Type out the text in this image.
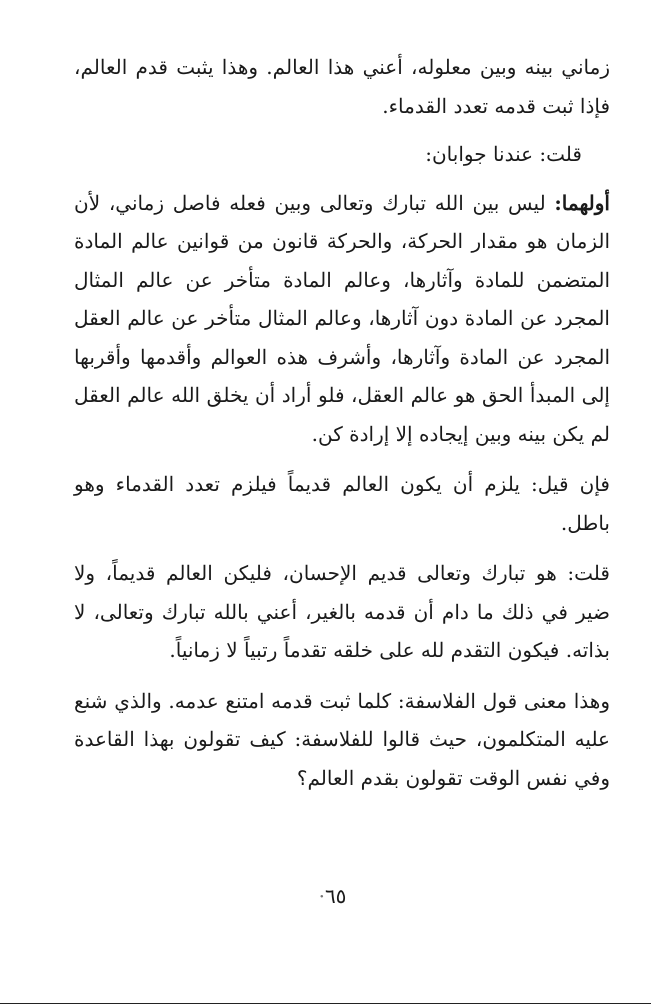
زماني بينه وبين معلوله، أعني هذا العالم. وهذا يثبت قدم العالم، فإذا ثبت قدمه تعدد القدماء.

قلت: عندنا جوابان:

أولهما: ليس بين الله تبارك وتعالى وبين فعله فاصل زماني، لأن الزمان هو مقدار الحركة، والحركة قانون من قوانين عالم المادة المتضمن للمادة وآثارها، وعالم المادة متأخر عن عالم المثال المجرد عن المادة دون آثارها، وعالم المثال متأخر عن عالم العقل المجرد عن المادة وآثارها، وأشرف هذه العوالم وأقدمها وأقربها إلى المبدأ الحق هو عالم العقل، فلو أراد أن يخلق الله عالم العقل لم يكن بينه وبين إيجاده إلا إرادة كن.

فإن قيل: يلزم أن يكون العالم قديماً فيلزم تعدد القدماء وهو باطل.

قلت: هو تبارك وتعالى قديم الإحسان، فليكن العالم قديماً، ولا ضير في ذلك ما دام أن قدمه بالغير، أعني بالله تبارك وتعالى، لا بذاته. فيكون التقدم لله على خلقه تقدماً رتبياً لا زمانياً.

وهذا معنى قول الفلاسفة: كلما ثبت قدمه امتنع عدمه. والذي شنع عليه المتكلمون، حيث قالوا للفلاسفة: كيف تقولون بهذا القاعدة وفي نفس الوقت تقولون بقدم العالم؟

٦٥·
